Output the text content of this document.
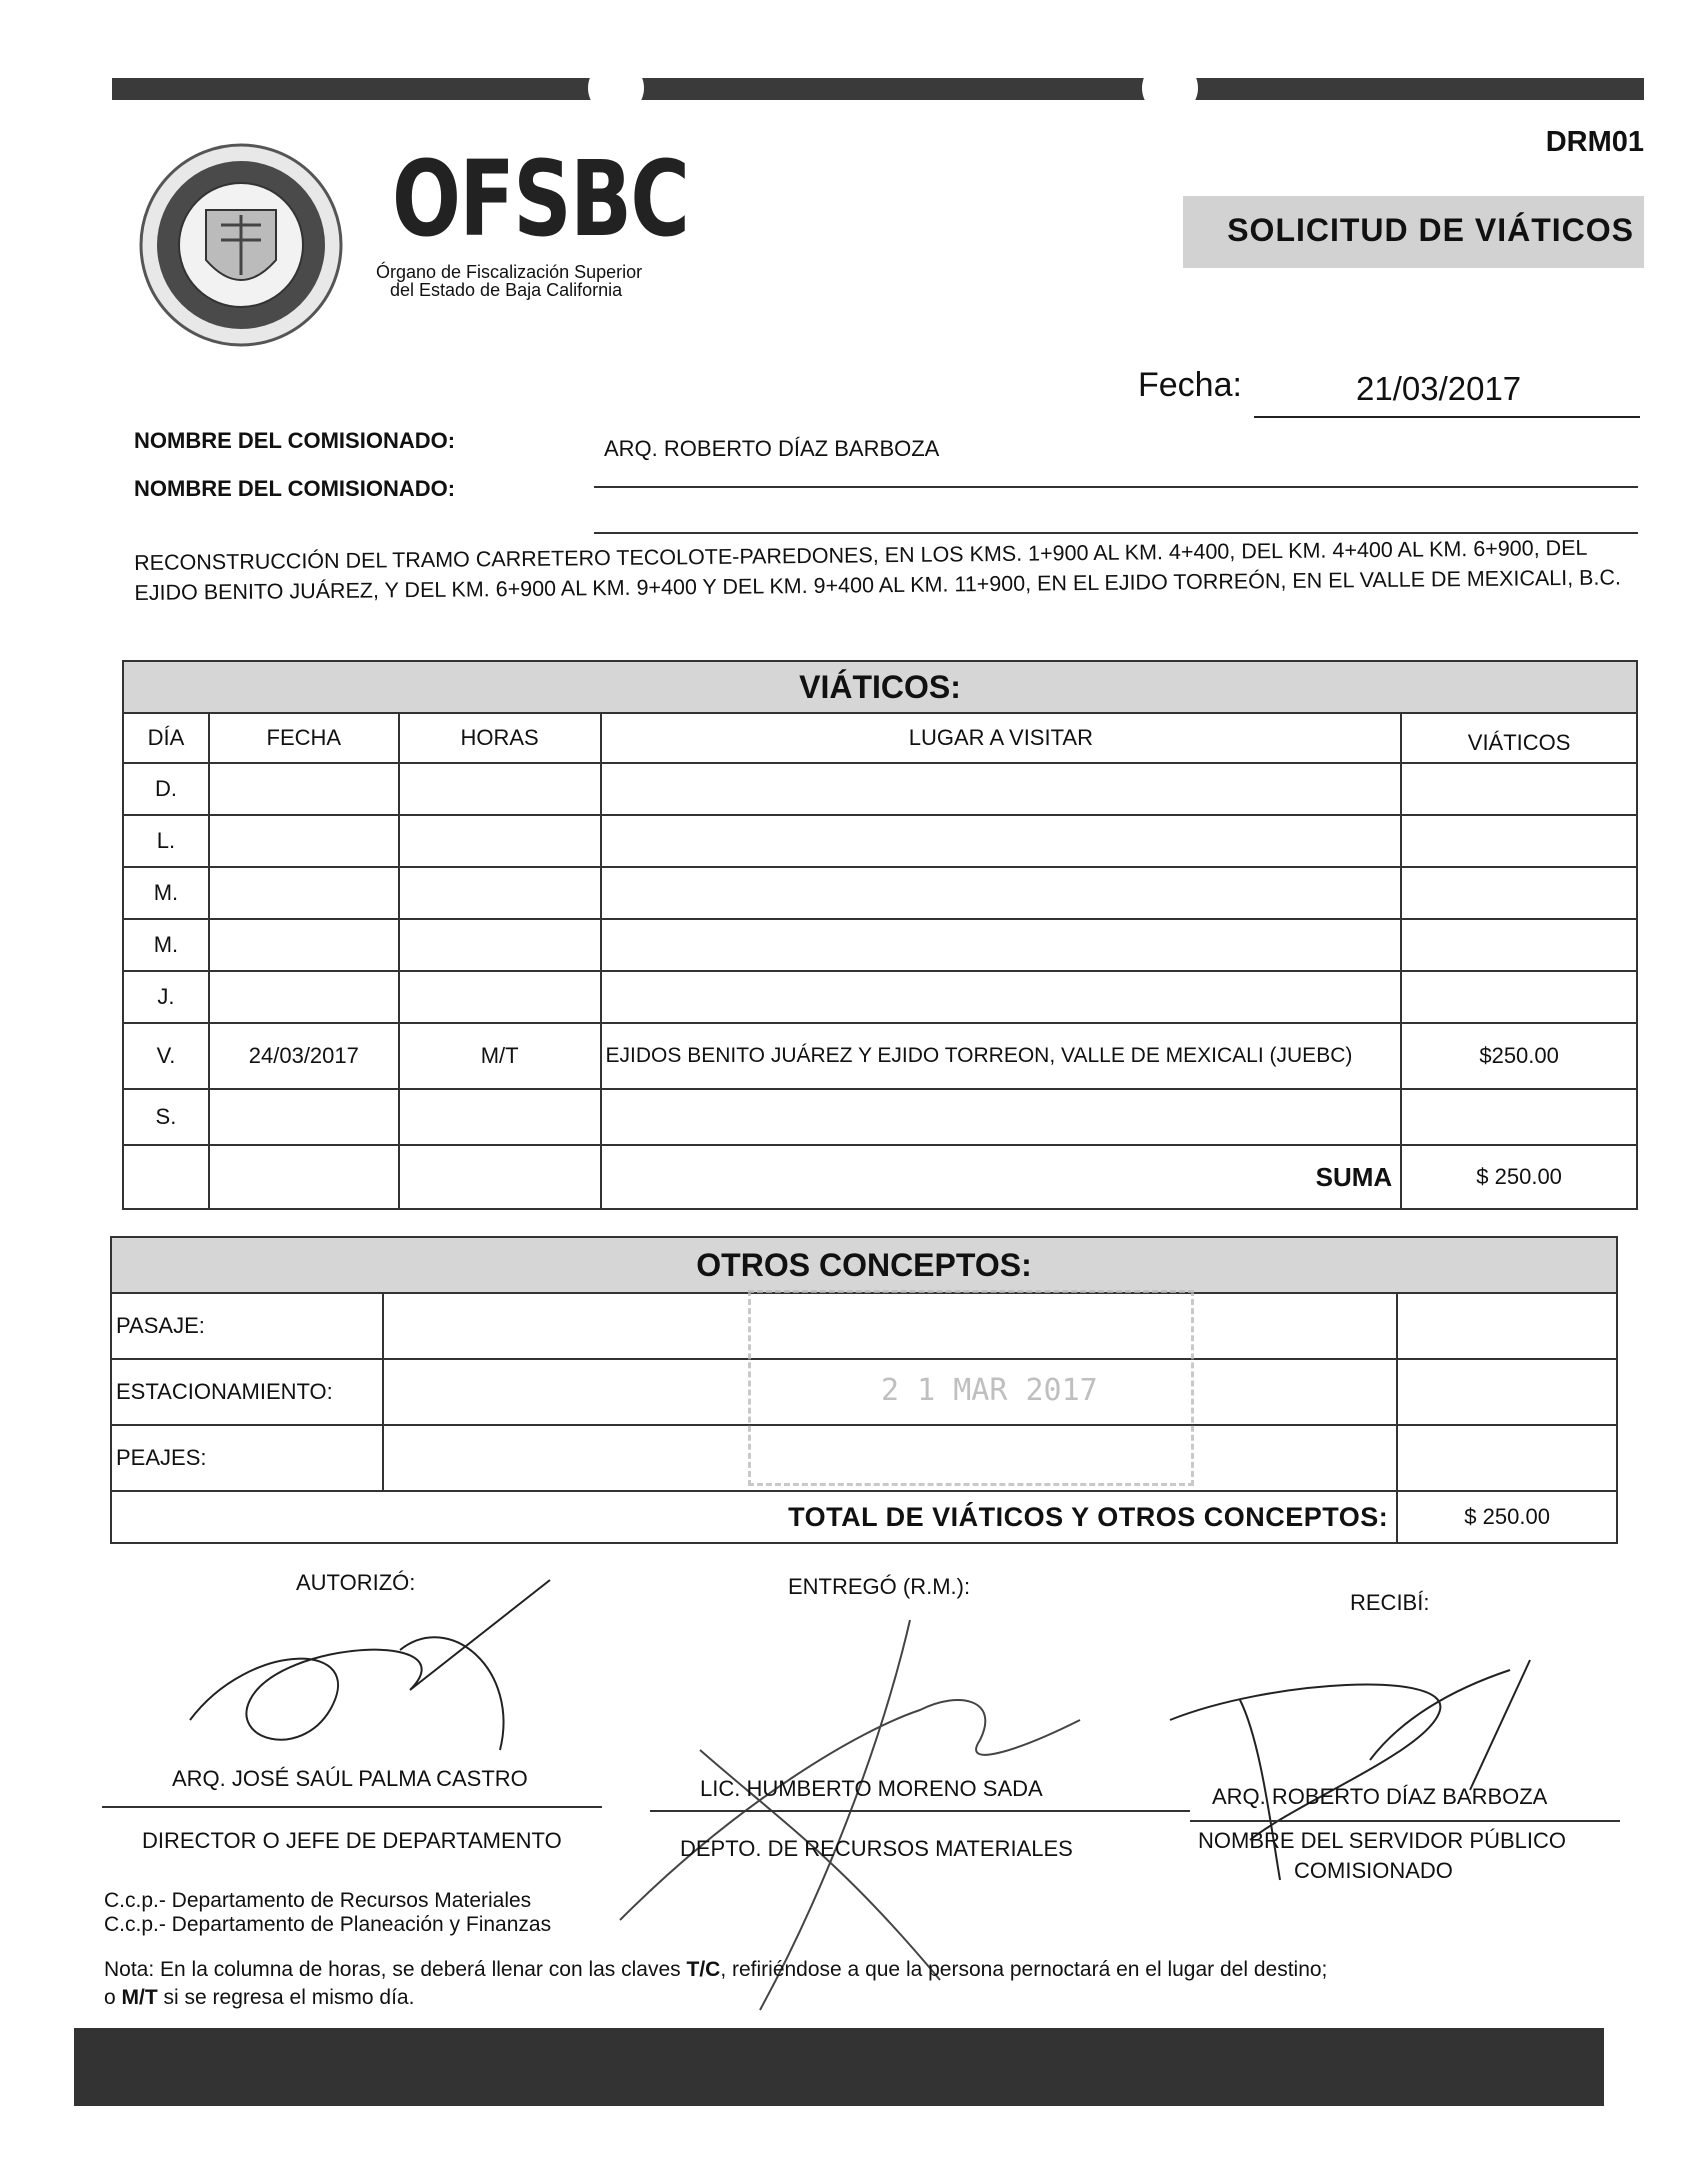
DRM01
OFSBC
Órgano de Fiscalización Superior
del Estado de Baja California
SOLICITUD DE VIÁTICOS
Fecha:	21/03/2017
NOMBRE DEL COMISIONADO:	ARQ. ROBERTO DÍAZ BARBOZA
NOMBRE DEL COMISIONADO:
RECONSTRUCCIÓN DEL TRAMO CARRETERO TECOLOTE-PAREDONES, EN LOS KMS. 1+900 AL KM. 4+400, DEL KM. 4+400 AL KM. 6+900, DEL EJIDO BENITO JUÁREZ, Y DEL KM. 6+900 AL KM. 9+400 Y DEL KM. 9+400 AL KM. 11+900, EN EL EJIDO TORREÓN, EN EL VALLE DE MEXICALI, B.C.
VIÁTICOS:				
DÍA	FECHA	HORAS	LUGAR A VISITAR	VIÁTICOS
D.				
L.				
M.				
M.				
J.				
V.	24/03/2017	M/T	EJIDOS BENITO JUÁREZ Y EJIDO TORREON, VALLE DE MEXICALI (JUEBC)	$250.00
S.				
			SUMA	$ 250.00
OTROS CONCEPTOS:		
PASAJE:		
ESTACIONAMIENTO:		
PEAJES:		
TOTAL DE VIÁTICOS Y OTROS CONCEPTOS:		$ 250.00
2 1 MAR 2017
AUTORIZÓ:	ENTREGÓ (R.M.):
RECIBÍ:
ARQ. JOSÉ SAÚL PALMA CASTRO
DIRECTOR O JEFE DE DEPARTAMENTO
LIC. HUMBERTO MORENO SADA
DEPTO. DE RECURSOS MATERIALES
ARQ. ROBERTO DÍAZ BARBOZA
NOMBRE DEL SERVIDOR PÚBLICO
COMISIONADO
C.c.p.- Departamento de Recursos Materiales
C.c.p.- Departamento de Planeación y Finanzas
Nota: En la columna de horas, se deberá llenar con las claves T/C, refiriéndose a que la persona pernoctará en el lugar del destino;
o M/T si se regresa el mismo día.
